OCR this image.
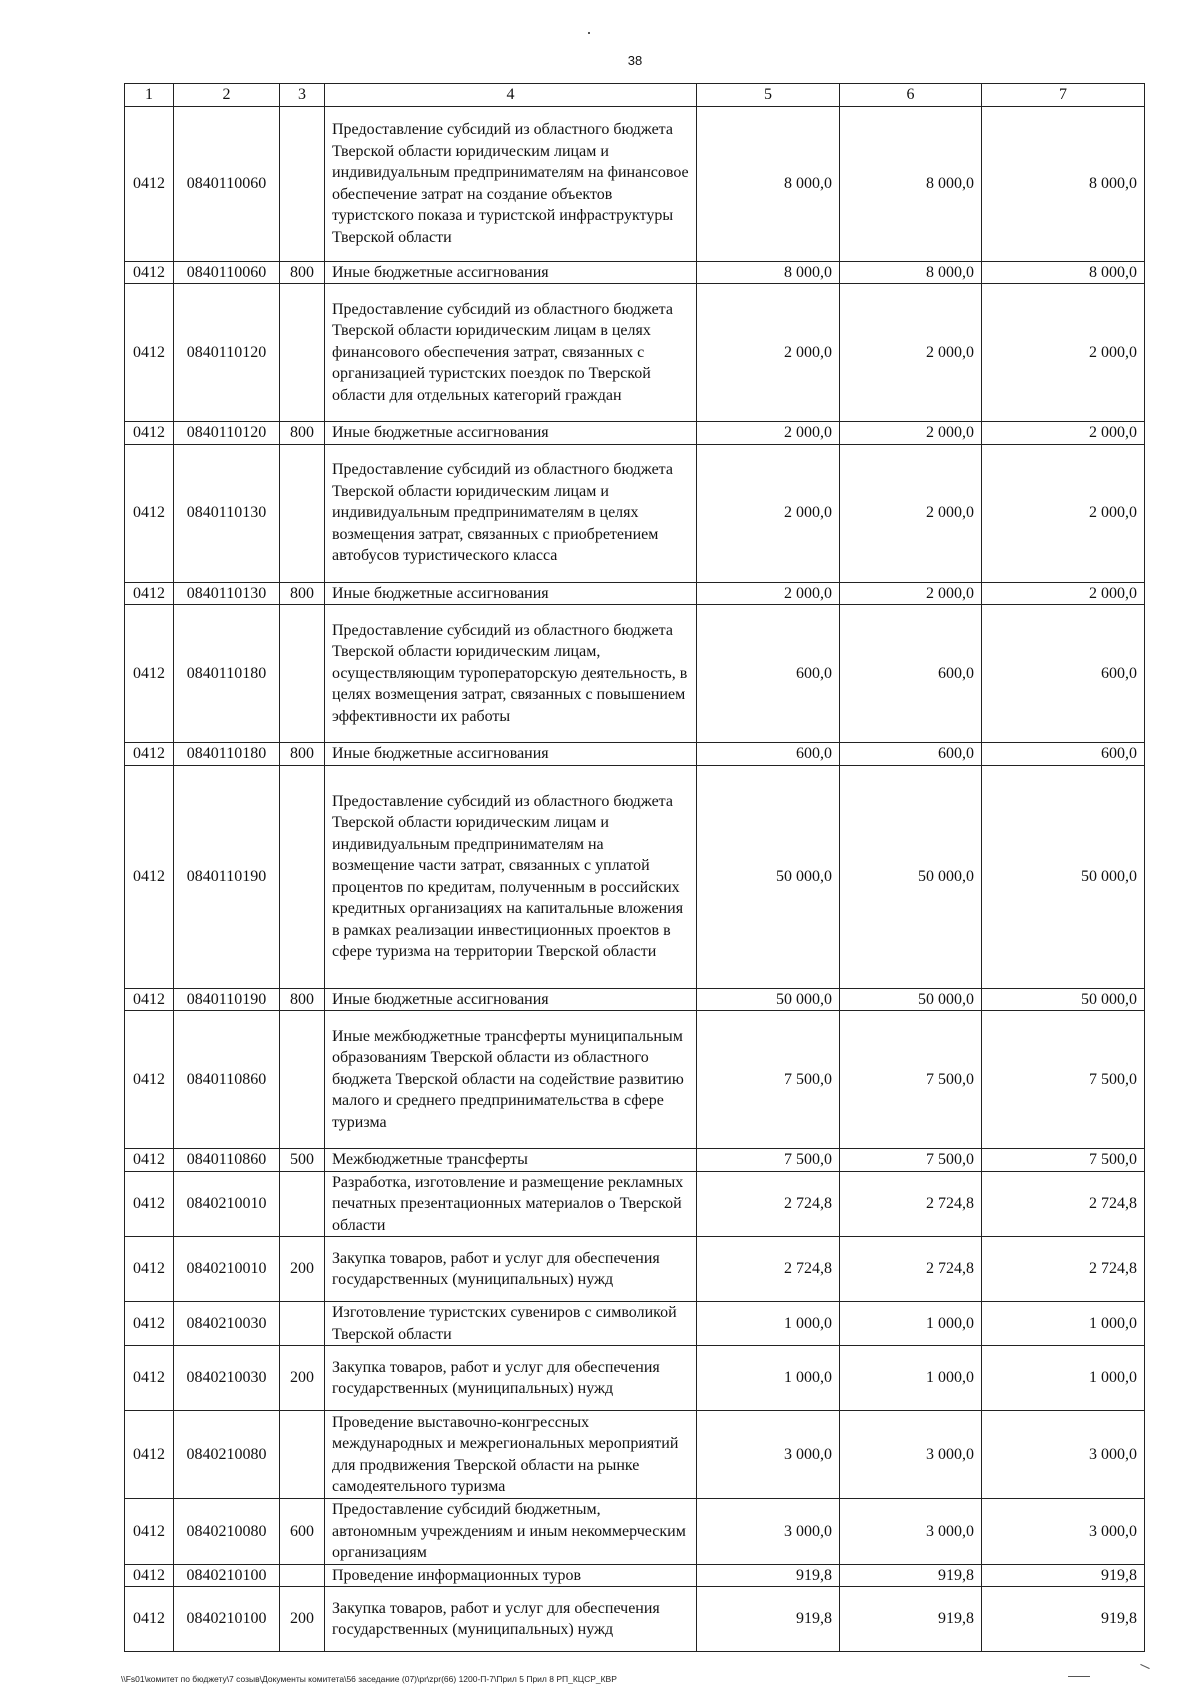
38
1	2	3	4	5	6	7
0412	0840110060		Предоставление субсидий из областного бюджета Тверской области юридическим лицам и индивидуальным предпринимателям на финансовое обеспечение затрат на создание объектов туристского показа и туристской инфраструктуры Тверской области	8 000,0	8 000,0	8 000,0
0412	0840110060	800	Иные бюджетные ассигнования	8 000,0	8 000,0	8 000,0
0412	0840110120		Предоставление субсидий из областного бюджета Тверской области юридическим лицам в целях финансового обеспечения затрат, связанных с организацией туристских поездок по Тверской области для отдельных категорий граждан	2 000,0	2 000,0	2 000,0
0412	0840110120	800	Иные бюджетные ассигнования	2 000,0	2 000,0	2 000,0
0412	0840110130		Предоставление субсидий из областного бюджета Тверской области юридическим лицам и индивидуальным предпринимателям в целях возмещения затрат, связанных с приобретением автобусов туристического класса	2 000,0	2 000,0	2 000,0
0412	0840110130	800	Иные бюджетные ассигнования	2 000,0	2 000,0	2 000,0
0412	0840110180		Предоставление субсидий из областного бюджета Тверской области юридическим лицам, осуществляющим туроператорскую деятельность, в целях возмещения затрат, связанных с повышением эффективности их работы	600,0	600,0	600,0
0412	0840110180	800	Иные бюджетные ассигнования	600,0	600,0	600,0
0412	0840110190		Предоставление субсидий из областного бюджета Тверской области юридическим лицам и индивидуальным предпринимателям на возмещение части затрат, связанных с уплатой процентов по кредитам, полученным в российских кредитных организациях на капитальные вложения в рамках реализации инвестиционных проектов в сфере туризма на территории Тверской области	50 000,0	50 000,0	50 000,0
0412	0840110190	800	Иные бюджетные ассигнования	50 000,0	50 000,0	50 000,0
0412	0840110860		Иные межбюджетные трансферты муниципальным образованиям Тверской области из областного бюджета Тверской области на содействие развитию малого и среднего предпринимательства в сфере туризма	7 500,0	7 500,0	7 500,0
0412	0840110860	500	Межбюджетные трансферты	7 500,0	7 500,0	7 500,0
0412	0840210010		Разработка, изготовление и размещение рекламных печатных презентационных материалов о Тверской области	2 724,8	2 724,8	2 724,8
0412	0840210010	200	Закупка товаров, работ и услуг для обеспечения государственных (муниципальных) нужд	2 724,8	2 724,8	2 724,8
0412	0840210030		Изготовление туристских сувениров с символикой Тверской области	1 000,0	1 000,0	1 000,0
0412	0840210030	200	Закупка товаров, работ и услуг для обеспечения государственных (муниципальных) нужд	1 000,0	1 000,0	1 000,0
0412	0840210080		Проведение выставочно-конгрессных международных и межрегиональных мероприятий для продвижения Тверской области на рынке самодеятельного туризма	3 000,0	3 000,0	3 000,0
0412	0840210080	600	Предоставление субсидий бюджетным, автономным учреждениям и иным некоммерческим организациям	3 000,0	3 000,0	3 000,0
0412	0840210100		Проведение информационных туров	919,8	919,8	919,8
0412	0840210100	200	Закупка товаров, работ и услуг для обеспечения государственных (муниципальных) нужд	919,8	919,8	919,8
\\Fs01\комитет по бюджету\7 созыв\Документы комитета\56 заседание (07)\pr\zpr(66) 1200-П-7\Прил 5 Прил 8 РП_КЦСР_КВР
